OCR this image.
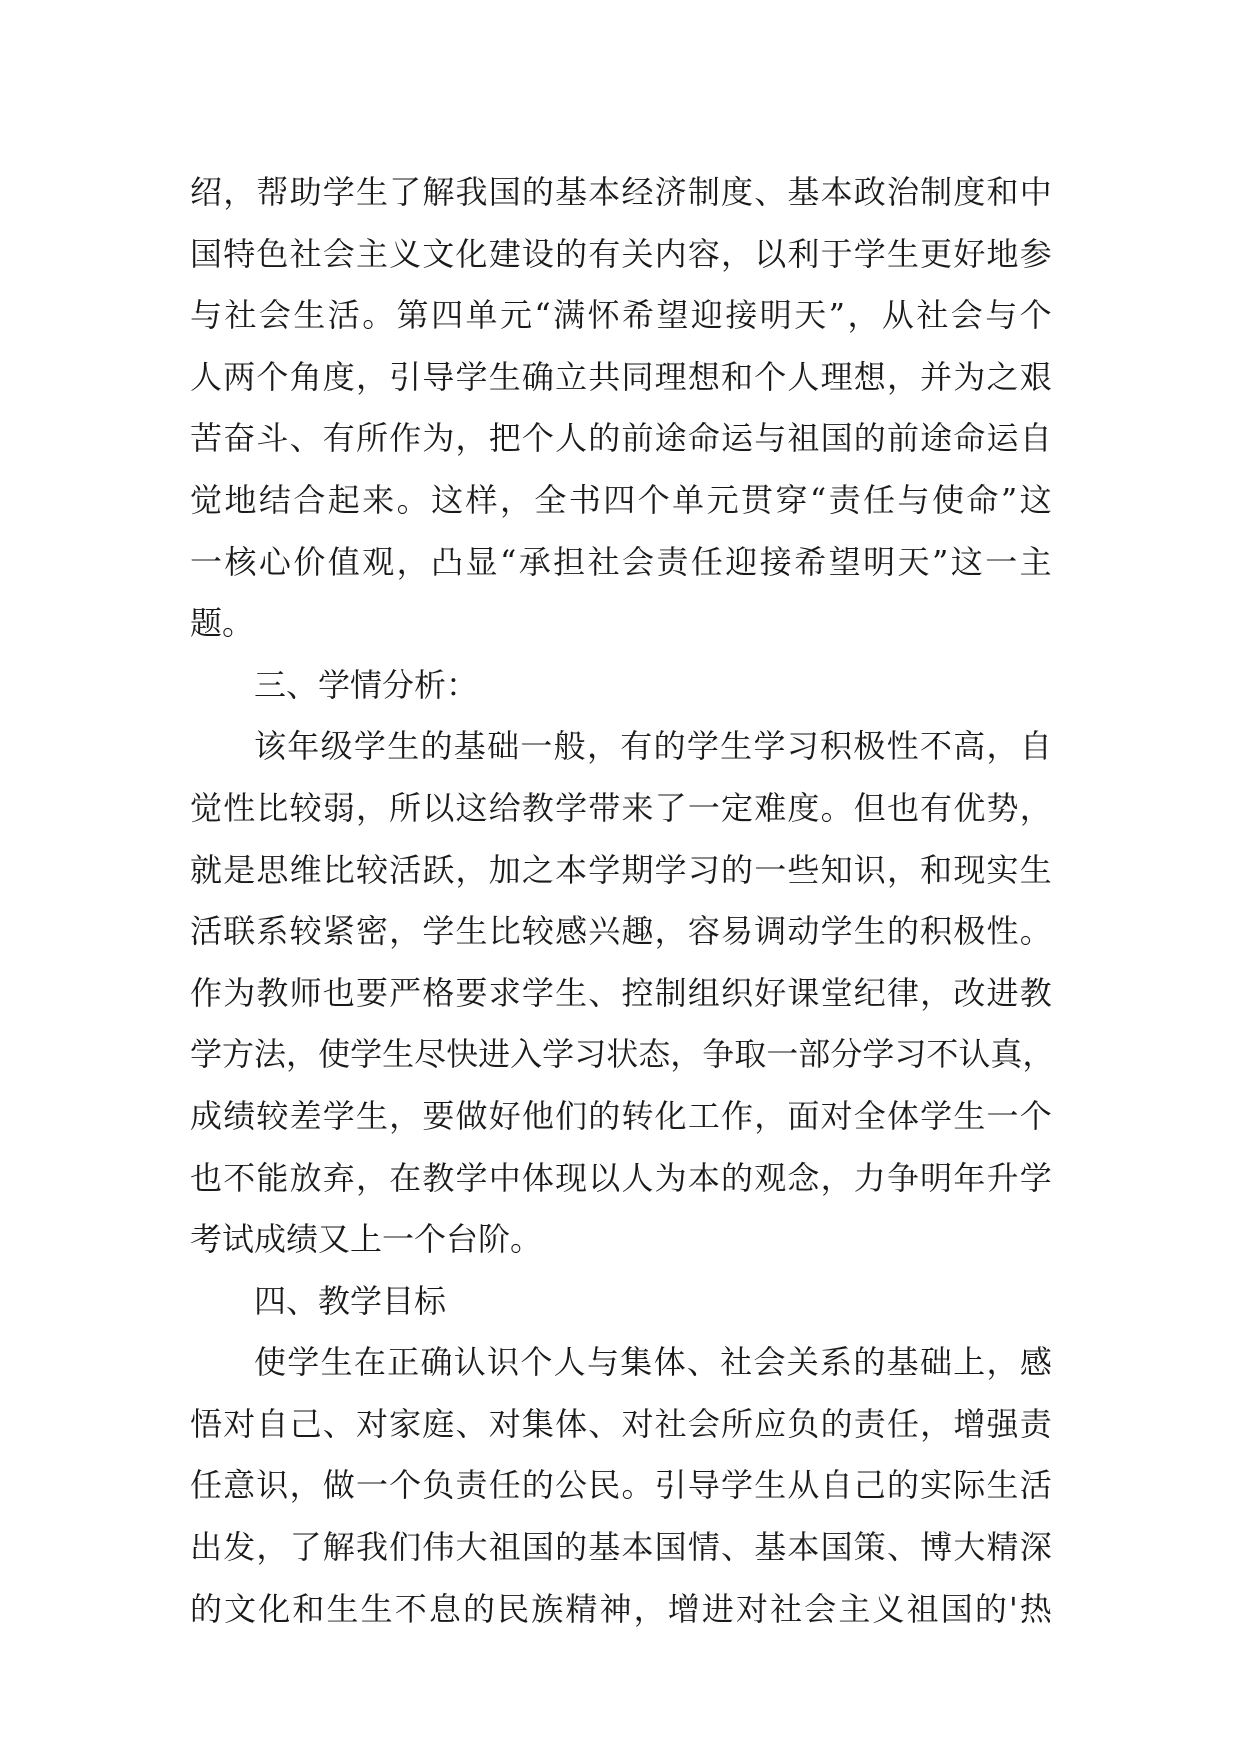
绍 ， 帮 助 学 生 了 解 我 国 的 基 本 经 济 制 度 、 基 本 政 治 制 度 和 中
国 特 色 社 会 主 义 文 化 建 设 的 有 关 内 容 ， 以 利 于 学 生 更 好 地 参
与 社 会 生 活 。 第 四 单 元 “ 满 怀 希 望 迎 接 明 天 ” ， 从 社 会 与 个
人 两 个 角 度 ， 引 导 学 生 确 立 共 同 理 想 和 个 人 理 想 ， 并 为 之 艰
苦 奋 斗 、 有 所 作 为 ， 把 个 人 的 前 途 命 运 与 祖 国 的 前 途 命 运 自
觉 地 结 合 起 来 。 这 样 ， 全 书 四 个 单 元 贯 穿 “ 责 任 与 使 命 ” 这
一 核 心 价 值 观 ， 凸 显 “ 承 担 社 会 责 任 迎 接 希 望 明 天 ” 这 一 主
题。
三、学情分析：
该 年 级 学 生 的 基 础 一 般 ， 有 的 学 生 学 习 积 极 性 不 高 ， 自
觉 性 比 较 弱 ， 所 以 这 给 教 学 带 来 了 一 定 难 度 。 但 也 有 优 势 ，
就 是 思 维 比 较 活 跃 ， 加 之 本 学 期 学 习 的 一 些 知 识 ， 和 现 实 生
活 联 系 较 紧 密 ， 学 生 比 较 感 兴 趣 ， 容 易 调 动 学 生 的 积 极 性 。
作 为 教 师 也 要 严 格 要 求 学 生 、 控 制 组 织 好 课 堂 纪 律 ， 改 进 教
学 方 法 ， 使 学 生 尽 快 进 入 学 习 状 态 ， 争 取 一 部 分 学 习 不 认 真 ，
成 绩 较 差 学 生 ， 要 做 好 他 们 的 转 化 工 作 ， 面 对 全 体 学 生 一 个
也 不 能 放 弃 ， 在 教 学 中 体 现 以 人 为 本 的 观 念 ， 力 争 明 年 升 学
考试成绩又上一个台阶。
四、教学目标
使 学 生 在 正 确 认 识 个 人 与 集 体 、 社 会 关 系 的 基 础 上 ， 感
悟 对 自 己 、 对 家 庭 、 对 集 体 、 对 社 会 所 应 负 的 责 任 ， 增 强 责
任 意 识 ， 做 一 个 负 责 任 的 公 民 。 引 导 学 生 从 自 己 的 实 际 生 活
出 发 ， 了 解 我 们 伟 大 祖 国 的 基 本 国 情 、 基 本 国 策 、 博 大 精 深
的 文 化 和 生 生 不 息 的 民 族 精 神 ， 增 进 对 社 会 主 义 祖 国 的 ' 热
